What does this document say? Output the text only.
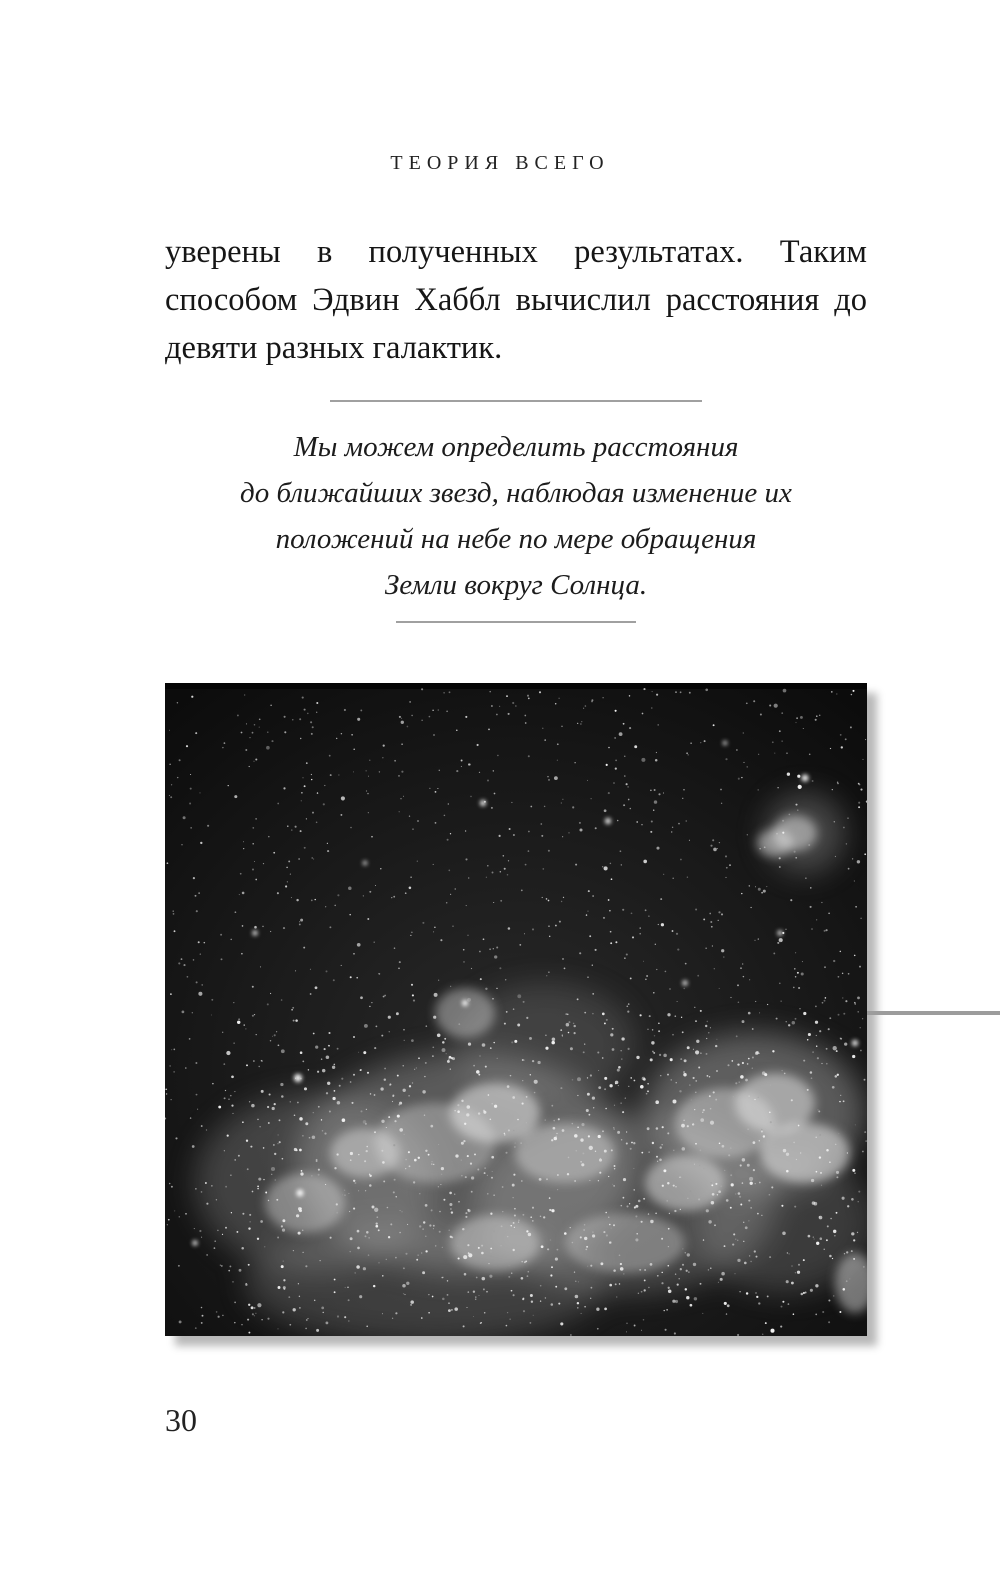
ТЕОРИЯ ВСЕГО
уверены в полученных результатах. Таким способом Эдвин Хаббл вычислил расстояния до девяти разных галактик.
Мы можем определить расстояния
до ближайших звезд, наблюдая изменение их
положений на небе по мере обращения
Земли вокруг Солнца.
30
